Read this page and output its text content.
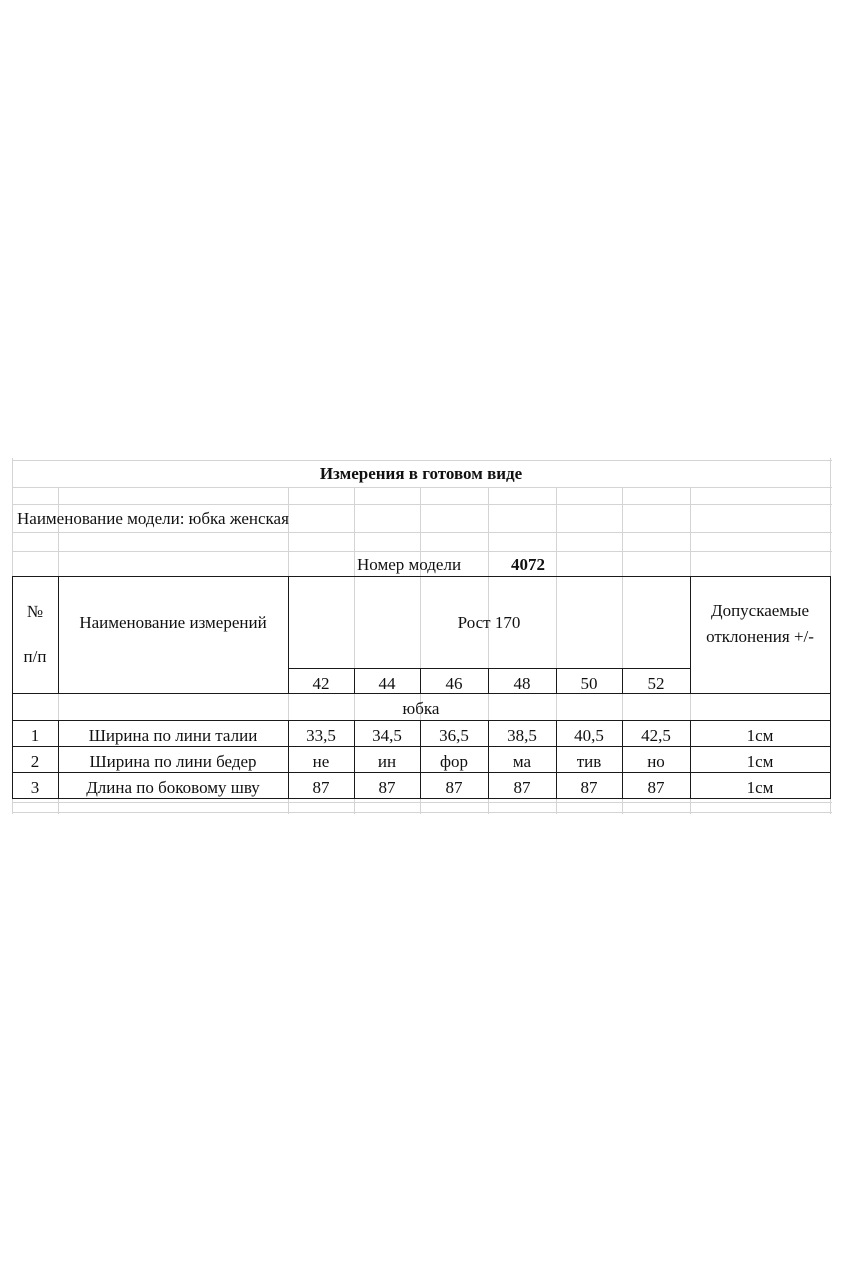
Измерения в готовом виде
Наименование модели: юбка женская
Номер модели	4072
№
п/п
Наименование измерений	Рост 170
Допускаемые
отклонения +/-
42	44	46	48	50	52
юбка
1	Ширина по лини талии	33,5 34,5 36,5 38,5 40,5 42,5	1см
2	Ширина по лини бедер	не	ин	фор	ма	тив	но	1см
3	Длина по боковому шву	87	87	87	87	87	87	1см
